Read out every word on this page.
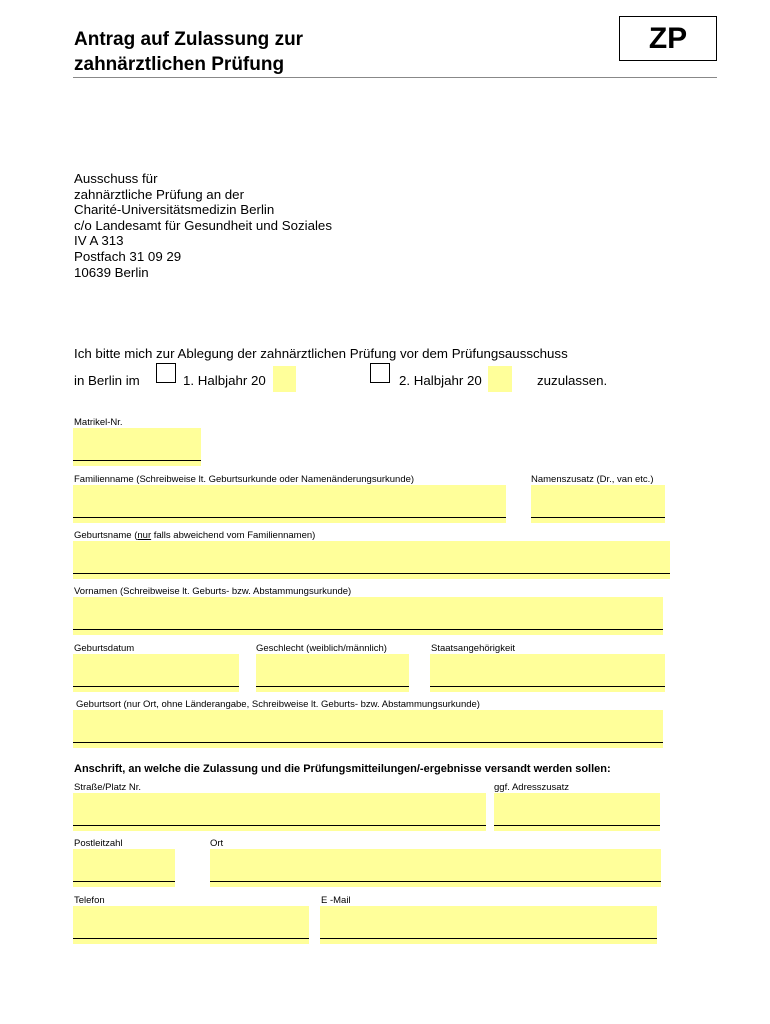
Antrag auf Zulassung zur
zahnärztlichen Prüfung
ZP
Ausschuss für
zahnärztliche Prüfung an der
Charité-Universitätsmedizin Berlin
c/o Landesamt für Gesundheit und Soziales
IV A 313
Postfach 31 09 29
10639 Berlin
Ich bitte mich zur Ablegung der zahnärztlichen Prüfung vor dem Prüfungsausschuss
in Berlin im	1. Halbjahr 20	2. Halbjahr 20	zuzulassen.
Matrikel-Nr.
Familienname (Schreibweise lt. Geburtsurkunde oder Namenänderungsurkunde)	Namenszusatz (Dr., van etc.)
Geburtsname (nur falls abweichend vom Familiennamen)
Vornamen (Schreibweise lt. Geburts- bzw. Abstammungsurkunde)
Geburtsdatum	Geschlecht (weiblich/männlich)	Staatsangehörigkeit
Geburtsort (nur Ort, ohne Länderangabe, Schreibweise lt. Geburts- bzw. Abstammungsurkunde)
Anschrift, an welche die Zulassung und die Prüfungsmitteilungen/-ergebnisse versandt werden sollen:
Straße/Platz Nr.	ggf. Adresszusatz
Postleitzahl	Ort
Telefon	E -Mail
